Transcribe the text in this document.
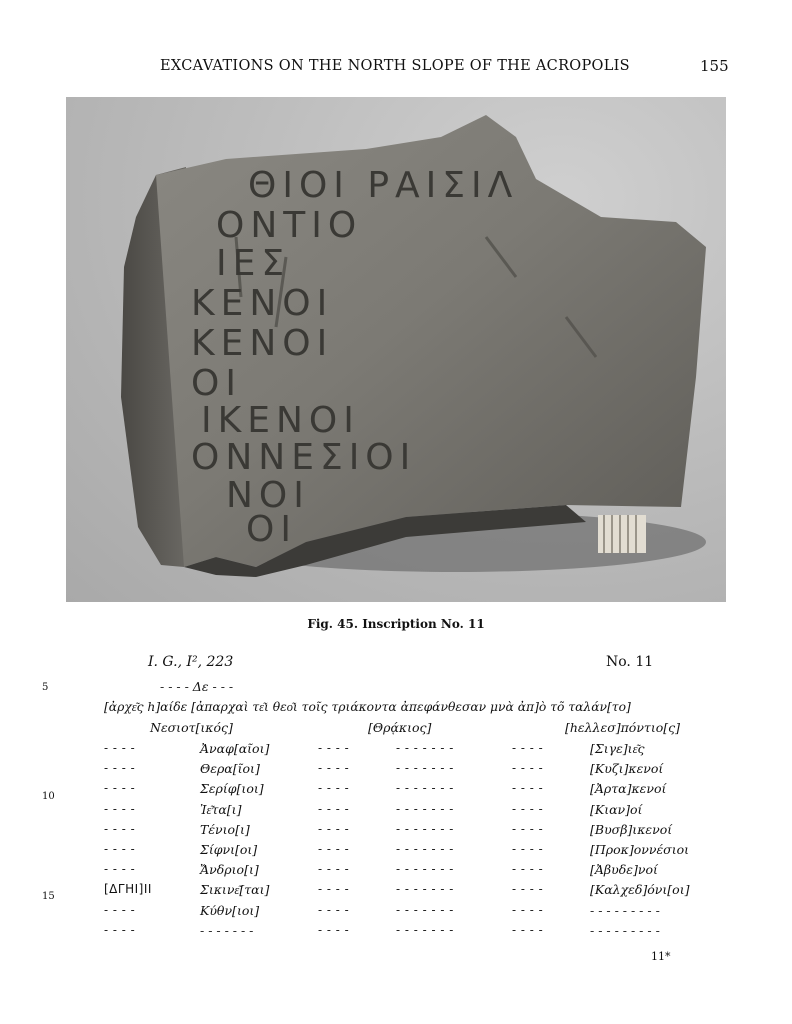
EXCAVATIONS ON THE NORTH SLOPE OF THE ACROPOLIS	155
ΘΙΟΙ ΡΑΙΣΙΛ
ΟΝΤΙΟ
ΙΕΣ
ΚΕΝΟΙ
ΚΕΝΟΙ
ΟΙ
ΙΚΕΝΟΙ
ΟΝΝΕΣΙΟΙ
ΝΟΙ
ΟΙ
Fig. 45. Inscription No. 11
I. G., I², 223	No. 11
5	- - - - Δε - - -
[ἀρχε͂ς h]αίδε [ἀπαρχαὶ τε͂ι θεο͂ι τοῖς τριάκοντα ἀπεφάνθεσαν μνὰ ἀπ]ὸ τõ ταλάν[το]
Νεσιοτ[ικός]	[Θρᾴκιος]	[hελλεσ]πόντιο[ς]
10
15
- - - -	Ἀναφ[αῖοι]	- - - -	- - - - - - -	- - - -	[Σιγε]ιε͂ς
- - - -	Θερα[ῖοι]	- - - -	- - - - - - -	- - - -	[Κυζι]κενοί
- - - -	Σερίφ[ιοι]	- - - -	- - - - - - -	- - - -	[Ἀρτα]κενοί
- - - -	Ἰε͂τα[ι]	- - - -	- - - - - - -	- - - -	[Κιαν]οί
- - - -	Τένιο[ι]	- - - -	- - - - - - -	- - - -	[Βυσβ]ικενοί
- - - -	Σίφνι[οι]	- - - -	- - - - - - -	- - - -	[Προκ]οννέσιοι
- - - -	Ἄνδριο[ι]	- - - -	- - - - - - -	- - - -	[Ἀβυδε]νοί
[ΔΓΗΙ]ΙΙ	Σικινε͂[ται]	- - - -	- - - - - - -	- - - -	[Καλχεδ]όνι[οι]
- - - -	Κύθν[ιοι]	- - - -	- - - - - - -	- - - -	- - - - - - - - -
- - - -	- - - - - - -	- - - -	- - - - - - -	- - - -	- - - - - - - - -
11*
